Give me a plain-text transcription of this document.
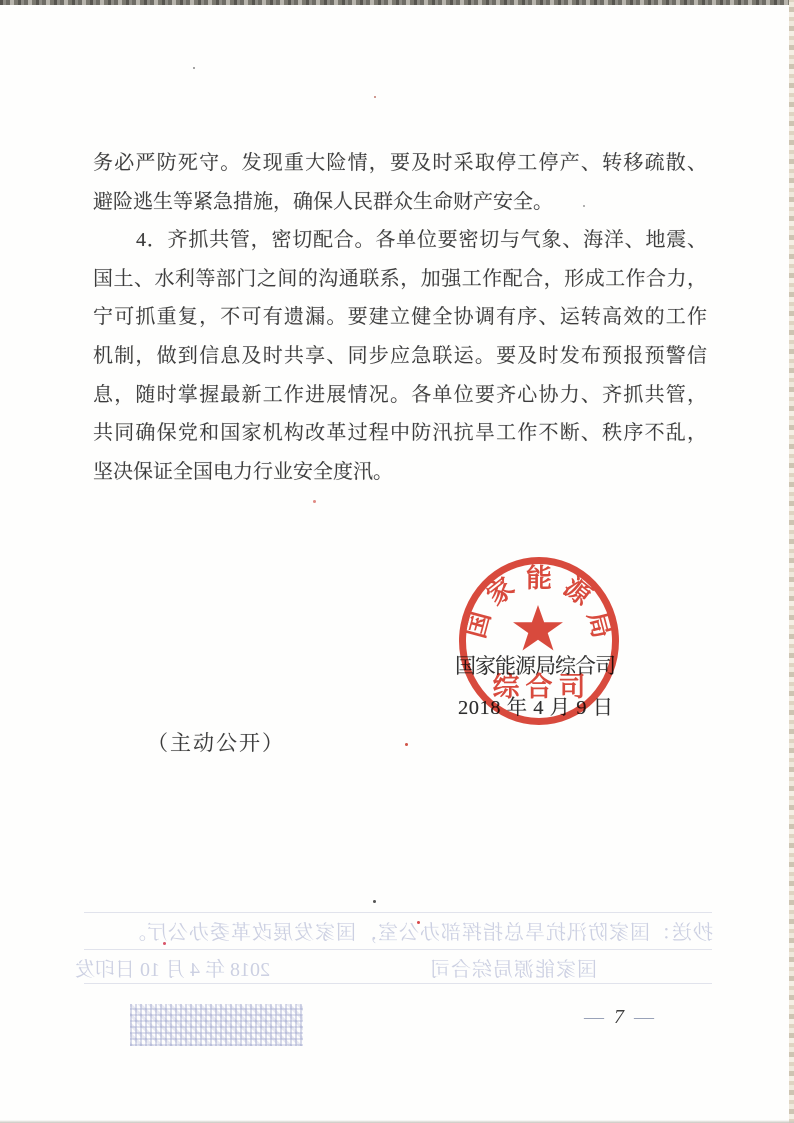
抄送：国家防汛抗旱总指挥部办公室，国家发展改革委办公厅。
国家能源局综合司
2018 年 4 月 10 日印发
务必严防死守。发现重大险情，要及时采取停工停产、转移疏散、
避险逃生等紧急措施，确保人民群众生命财产安全。
4．齐抓共管，密切配合。各单位要密切与气象、海洋、地震、
国土、水利等部门之间的沟通联系，加强工作配合，形成工作合力，
宁可抓重复，不可有遗漏。要建立健全协调有序、运转高效的工作
机制，做到信息及时共享、同步应急联运。要及时发布预报预警信
息，随时掌握最新工作进展情况。各单位要齐心协力、齐抓共管，
共同确保党和国家机构改革过程中防汛抗旱工作不断、秩序不乱，
坚决保证全国电力行业安全度汛。
国家能源局综合司
2018 年 4 月 9 日
国
家 能 源
局
综合司
（主动公开）
— 7 —
